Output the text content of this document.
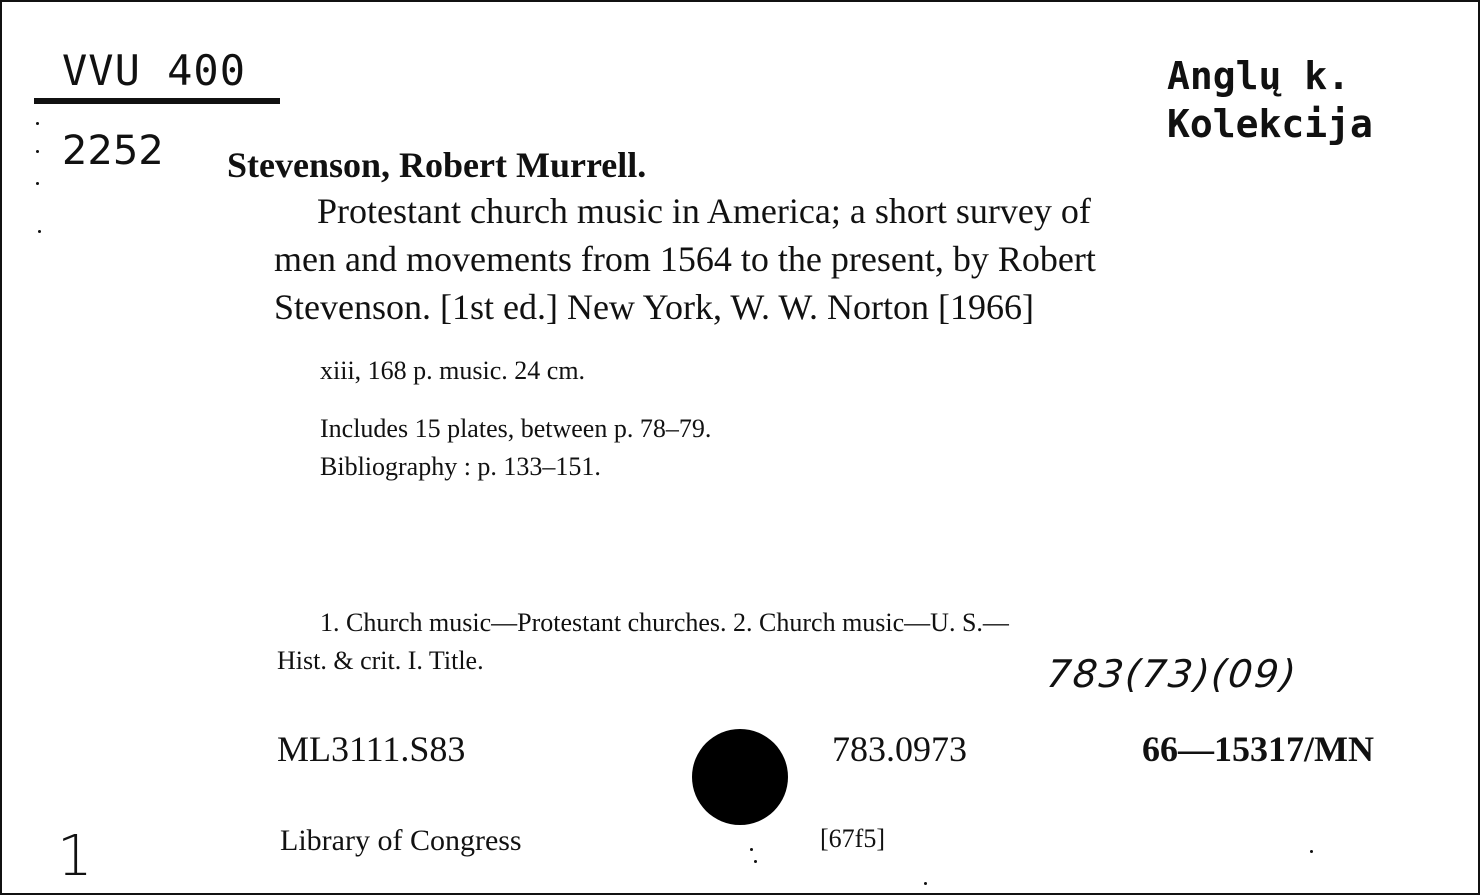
VVU 400
2252
Anglų k.
Kolekcija
Stevenson, Robert Murrell.
Protestant church music in America; a short survey of
men and movements from 1564 to the present, by Robert
Stevenson. [1st ed.] New York, W. W. Norton [1966]
xiii, 168 p. music. 24 cm.
Includes 15 plates, between p. 78–79.
Bibliography : p. 133–151.
1. Church music—Protestant churches. 2. Church music—U. S.—
Hist. & crit. I. Title.	783(73)(09)
ML3111.S83	783.0973	66—15317/MN
1	Library of Congress	[67f5]
